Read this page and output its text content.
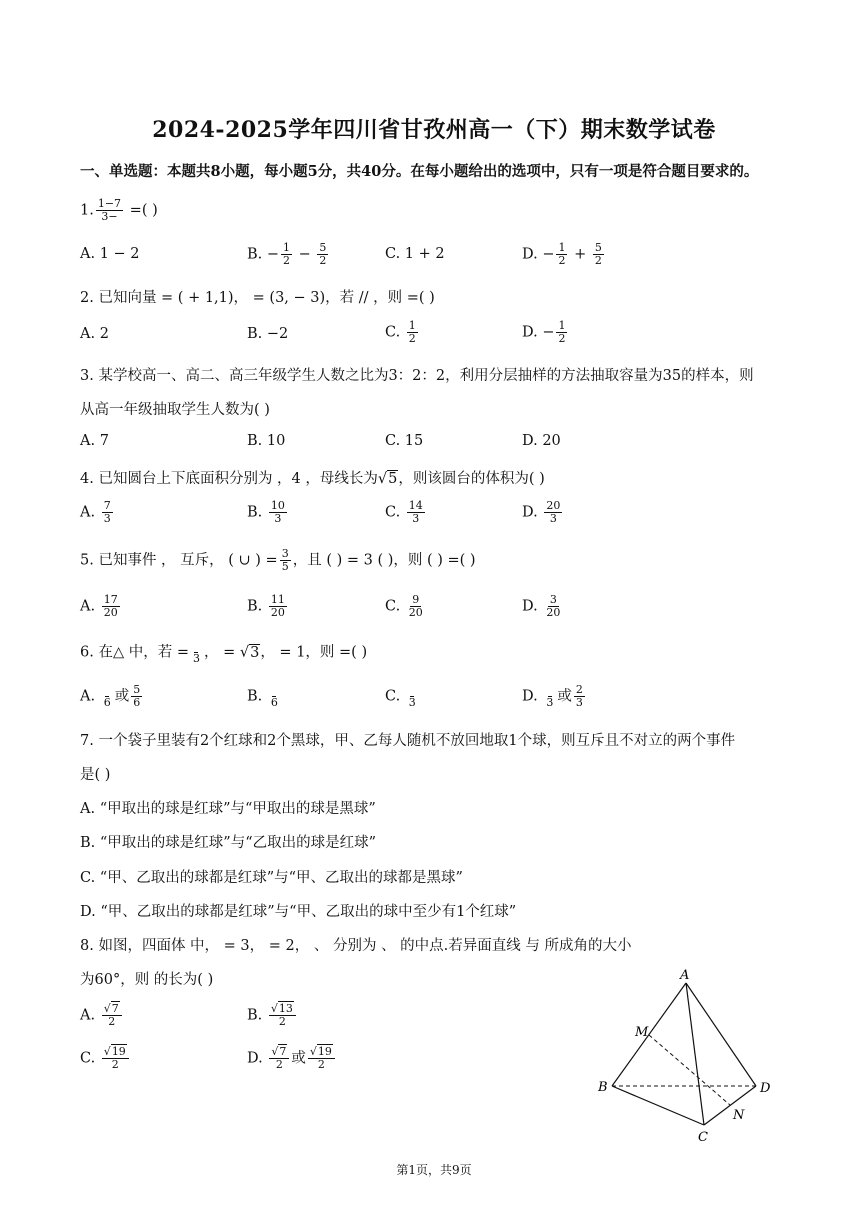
2024-2025学年四川省甘孜州高一（下）期末数学试卷
一、单选题：本题共8小题，每小题5分，共40分。在每小题给出的选项中，只有一项是符合题目要求的。
1. $\frac{1-7}{3-}$ =( )
A. 1 − 2	B. − $\frac{1}{2} - \frac{5}{2}$	C. 1 + 2	D. − $\frac{1}{2} + \frac{5}{2}$
2. 已知向量 = ( + 1,1)， = (3, − 3)，若 // ，则 =( )
A. 2	B. −2	C. $\frac{1}{2}$	D. − $\frac{1}{2}$
3. 某学校高一、高二、高三年级学生人数之比为3：2：2，利用分层抽样的方法抽取容量为35的样本，则
从高一年级抽取学生人数为( )
A. 7	B. 10	C. 15	D. 20
4. 已知圆台上下底面积分别为 ，4 ，母线长为√5，则该圆台的体积为( )
A. $\frac{7}{3}$	B. $\frac{10}{3}$	C. $\frac{14}{3}$	D. $\frac{20}{3}$
5. 已知事件 ， 互斥， ( ∪ ) = $\frac{3}{5}$ ，且 ( ) = 3 ( )，则 ( ) =( )
A. $\frac{17}{20}$	B. $\frac{11}{20}$	C. $\frac{9}{20}$	D. $\frac{3}{20}$
6. 在△ 中，若 = 3 ， = √3， = 1，则 =( )
A. 6 或 $\frac{5}{6}$	B. 6	C. 3	D. 3 或 $\frac{2}{3}$
7. 一个袋子里装有2个红球和2个黑球，甲、乙每人随机不放回地取1个球，则互斥且不对立的两个事件
是( )
A. “甲取出的球是红球”与“甲取出的球是黑球”
B. “甲取出的球是红球”与“乙取出的球是红球”
C. “甲、乙取出的球都是红球”与“甲、乙取出的球都是黑球”
D. “甲、乙取出的球都是红球”与“甲、乙取出的球中至少有1个红球”
8. 如图，四面体 中， = 3， = 2， 、 分别为 、 的中点.若异面直线 与 所成角的大小
为60°，则 的长为( )
A. $\frac{√7}{2}$	B. $\frac{√13}{2}$
C. $\frac{√19}{2}$	D. $\frac{√7}{2}$ 或 $\frac{√19}{2}$
A
B
C
D
M
N
第1页，共9页
